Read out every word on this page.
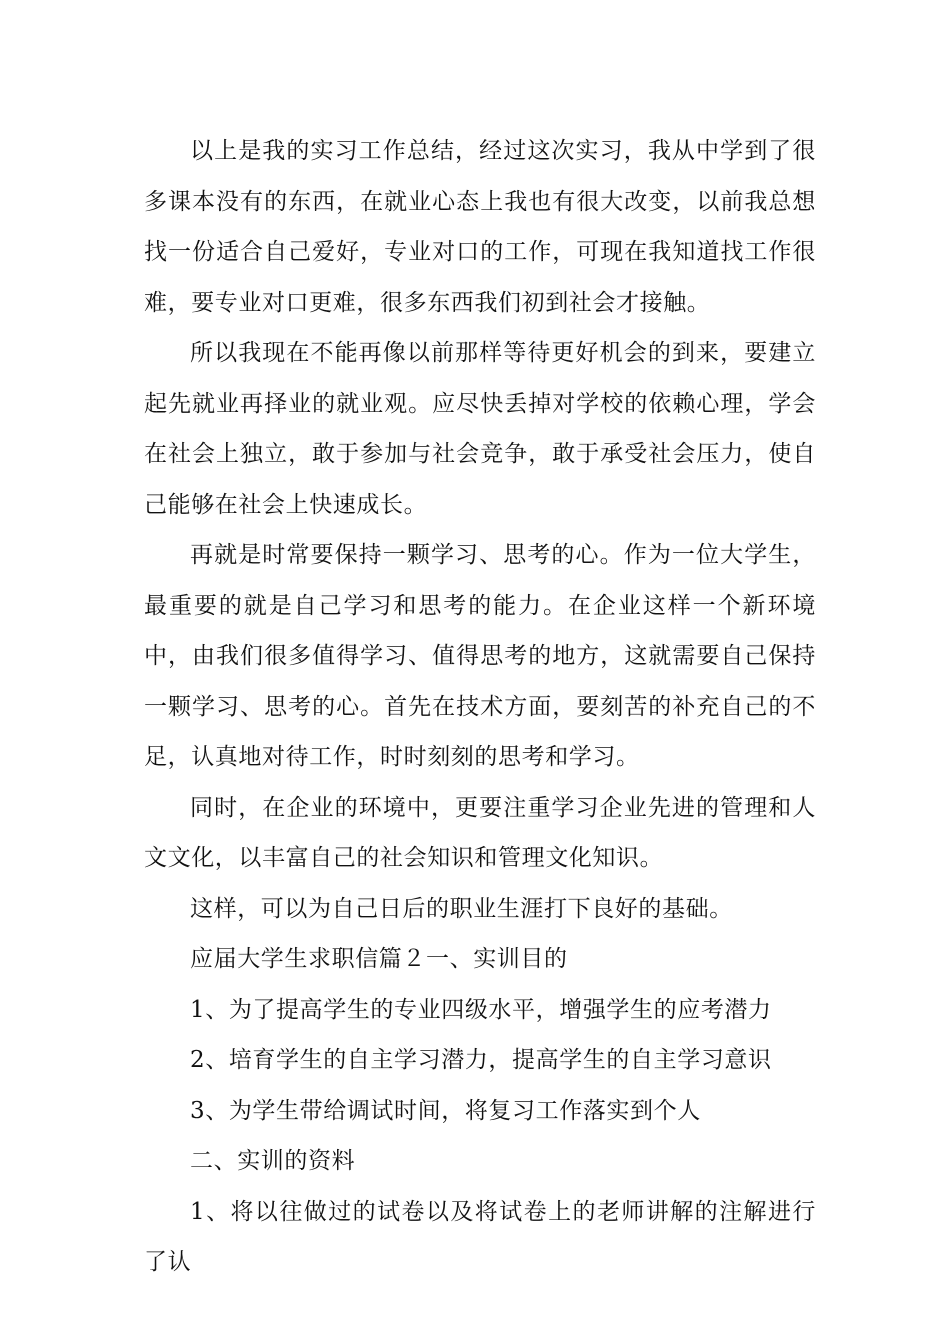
以上是我的实习工作总结，经过这次实习，我从中学到了很多课本没有的东西，在就业心态上我也有很大改变，以前我总想找一份适合自己爱好，专业对口的工作，可现在我知道找工作很难，要专业对口更难，很多东西我们初到社会才接触。

所以我现在不能再像以前那样等待更好机会的到来，要建立起先就业再择业的就业观。应尽快丢掉对学校的依赖心理，学会在社会上独立，敢于参加与社会竞争，敢于承受社会压力，使自己能够在社会上快速成长。

再就是时常要保持一颗学习、思考的心。作为一位大学生，最重要的就是自己学习和思考的能力。在企业这样一个新环境中，由我们很多值得学习、值得思考的地方，这就需要自己保持一颗学习、思考的心。首先在技术方面，要刻苦的补充自己的不足，认真地对待工作，时时刻刻的思考和学习。

同时，在企业的环境中，更要注重学习企业先进的管理和人文文化，以丰富自己的社会知识和管理文化知识。

这样，可以为自己日后的职业生涯打下良好的基础。

应届大学生求职信篇２一、实训目的

1、为了提高学生的专业四级水平，增强学生的应考潜力

2、培育学生的自主学习潜力，提高学生的自主学习意识

3、为学生带给调试时间，将复习工作落实到个人

二、实训的资料

1、将以往做过的试卷以及将试卷上的老师讲解的注解进行了认
